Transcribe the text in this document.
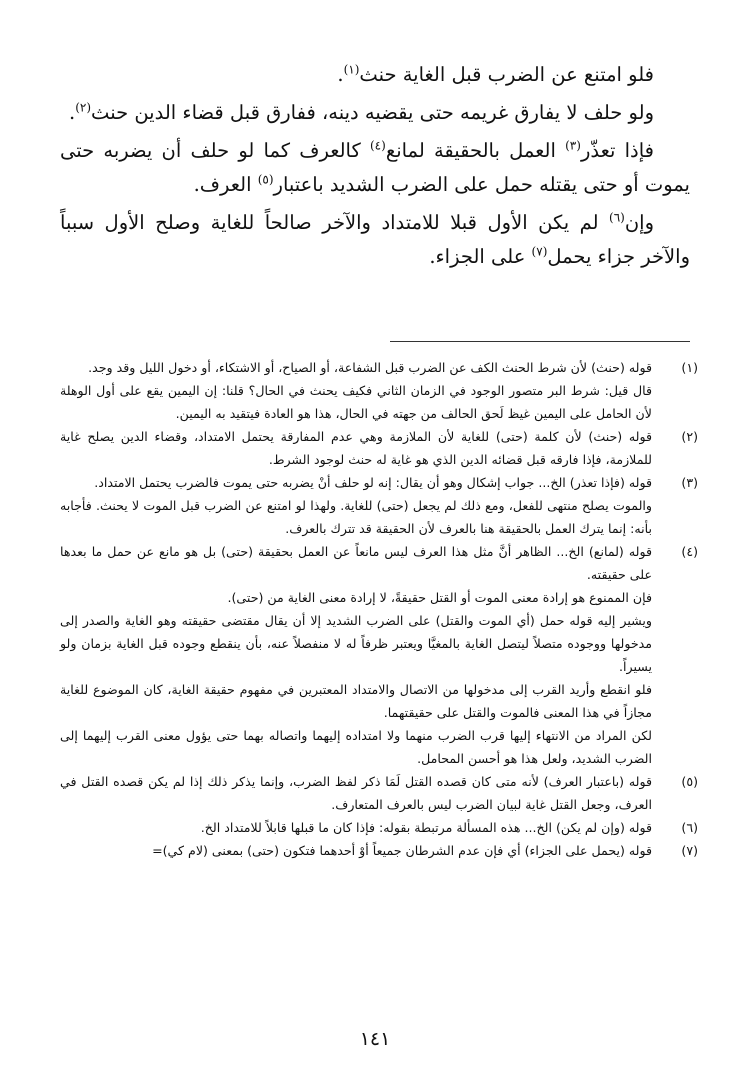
فلو امتنع عن الضرب قبل الغاية حنث$^{(١)}$.

ولو حلف لا يفارق غريمه حتى يقضيه دينه، ففارق قبل قضاء الدين حنث$^{(٢)}$.

فإذا تعذّر$^{(٣)}$ العمل بالحقيقة لمانع$^{(٤)}$ كالعرف كما لو حلف أن يضربه حتى يموت أو حتى يقتله حمل على الضرب الشديد باعتبار$^{(٥)}$ العرف.

وإن$^{(٦)}$ لم يكن الأول قبلا للامتداد والآخر صالحاً للغاية وصلح الأول سبباً والآخر جزاء يحمل$^{(٧)}$ على الجزاء.

(١)

قوله (حنث) لأن شرط الحنث الكف عن الضرب قبل الشفاعة، أو الصياح، أو الاشتكاء، أو دخول الليل وقد وجد.

قال قيل: شرط البر متصور الوجود في الزمان الثاني فكيف يحنث في الحال؟ قلنا: إن اليمين يقع على أول الوهلة لأن الحامل على اليمين غيظ لَحق الحالف من جهته في الحال، هذا هو العادة فيتقيد به اليمين.

(٢)

قوله (حنث) لأن كلمة (حتى) للغاية لأن الملازمة وهي عدم المفارقة يحتمل الامتداد، وقضاء الدين يصلح غاية للملازمة، فإذا فارقه قبل قضائه الدين الذي هو غاية له حنث لوجود الشرط.

(٣)

قوله (فإذا تعذر) الخ... جواب إشكال وهو أن يقال: إنه لو حلف أنْ يضربه حتى يموت فالضرب يحتمل الامتداد.

والموت يصلح منتهى للفعل، ومع ذلك لم يجعل (حتى) للغاية. ولهذا لو امتنع عن الضرب قبل الموت لا يحنث. فأجابه بأنه: إنما يترك العمل بالحقيقة هنا بالعرف لأن الحقيقة قد تترك بالعرف.

(٤)

قوله (لمانع) الخ... الظاهر أنَّ مثل هذا العرف ليس مانعاً عن العمل بحقيقة (حتى) بل هو مانع عن حمل ما بعدها على حقيقته.

فإن الممنوع هو إرادة معنى الموت أو القتل حقيقةً، لا إرادة معنى الغاية من (حتى).

ويشير إليه قوله حمل (أي الموت والقتل) على الضرب الشديد إلا أن يقال مقتضى حقيقته وهو الغاية والصدر إلى مدخولها ووجوده متصلاً ليتصل الغاية بالمغيَّا ويعتبر ظرفاً له لا منفصلاً عنه، بأن ينقطع وجوده قبل الغاية بزمان ولو يسيراً.

فلو انقطع وأريد القرب إلى مدخولها من الاتصال والامتداد المعتبرين في مفهوم حقيقة الغاية، كان الموضوع للغاية مجازاً في هذا المعنى فالموت والقتل على حقيقتهما.

لكن المراد من الانتهاء إليها قرب الضرب منهما ولا امتداده إليهما واتصاله بهما حتى يؤول معنى القرب إليهما إلى الضرب الشديد، ولعل هذا هو أحسن المحامل.

(٥)

قوله (باعتبار العرف) لأنه متى كان قصده القتل لَمَا ذكر لفظ الضرب، وإنما يذكر ذلك إذا لم يكن قصده القتل في العرف، وجعل القتل غاية لبيان الضرب ليس بالعرف المتعارف.

(٦)

قوله (وإن لم يكن) الخ... هذه المسألة مرتبطة بقوله: فإذا كان ما قبلها قابلاً للامتداد الخ.

(٧)

قوله (يحمل على الجزاء) أي فإن عدم الشرطان جميعاً أوْ أحدهما فتكون (حتى) بمعنى (لام كي)=

١٤١
